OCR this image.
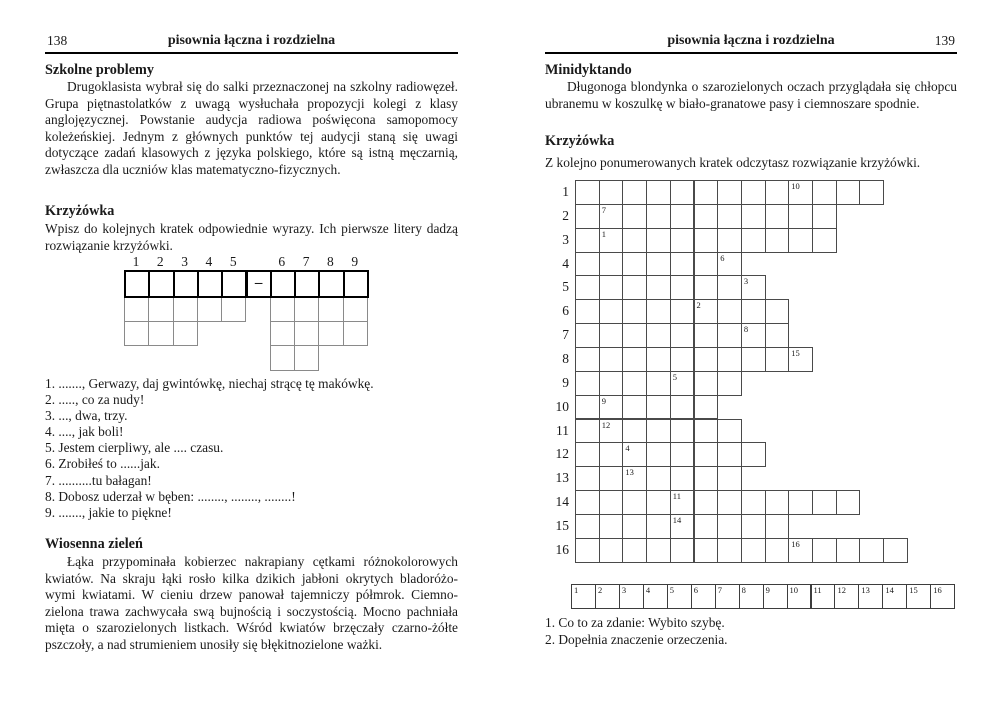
138	pisownia łączna i rozdzielna
Szkolne problemy
Drugoklasista wybrał się do salki przeznaczonej na szkolny radiowęzeł.
Grupa piętnastolatków z uwagą wysłuchała propozycji kolegi z klasy
anglojęzycznej. Powstanie audycja radiowa poświęcona samopomocy
koleżeńskiej. Jednym z głównych punktów tej audycji staną się uwagi
dotyczące zadań klasowych z języka polskiego, które są istną męczarnią,
zwłaszcza dla uczniów klas matematyczno-fizycznych.
Krzyżówka
Wpisz do kolejnych kratek odpowiednie wyrazy. Ich pierwsze litery dadzą
rozwiązanie krzyżówki.
1	2	3	4	5	6	7	8	9
–
1. ......., Gerwazy, daj gwintówkę, niechaj strącę tę makówkę.
2. ....., co za nudy!
3. ..., dwa, trzy.
4. ...., jak boli!
5. Jestem cierpliwy, ale .... czasu.
6. Zrobiłeś to ......jak.
7. ..........tu bałagan!
8. Dobosz uderzał w bęben: ........, ........, ........!
9. ......., jakie to piękne!
Wiosenna zieleń
Łąka przypominała kobierzec nakrapiany cętkami różnokolorowych
kwiatów. Na skraju łąki rosło kilka dzikich jabłoni okrytych bladoróżo-
wymi kwiatami. W cieniu drzew panował tajemniczy półmrok. Ciemno-
zielona trawa zachwycała swą bujnością i soczystością. Mocno pachniała
mięta o szarozielonych listkach. Wśród kwiatów brzęczały czarno-żółte
pszczoły, a nad strumieniem unosiły się błękitnozielone ważki.
pisownia łączna i rozdzielna	139
Minidyktando
Długonoga blondynka o szarozielonych oczach przyglądała się chłopcu
ubranemu w koszulkę w biało-granatowe pasy i ciemnoszare spodnie.
Krzyżówka
Z kolejno ponumerowanych kratek odczytasz rozwiązanie krzyżówki.
1	10
2	7
3	1
4	6
5	3
6	2
7	8
8	15
9	5
10	9
11	12
12	4
13	13
14	11
15	14
16	16
1 2 3 4 5 6 7 8 9 10 11 12 13 14 15 16
1. Co to za zdanie: Wybito szybę.
2. Dopełnia znaczenie orzeczenia.
